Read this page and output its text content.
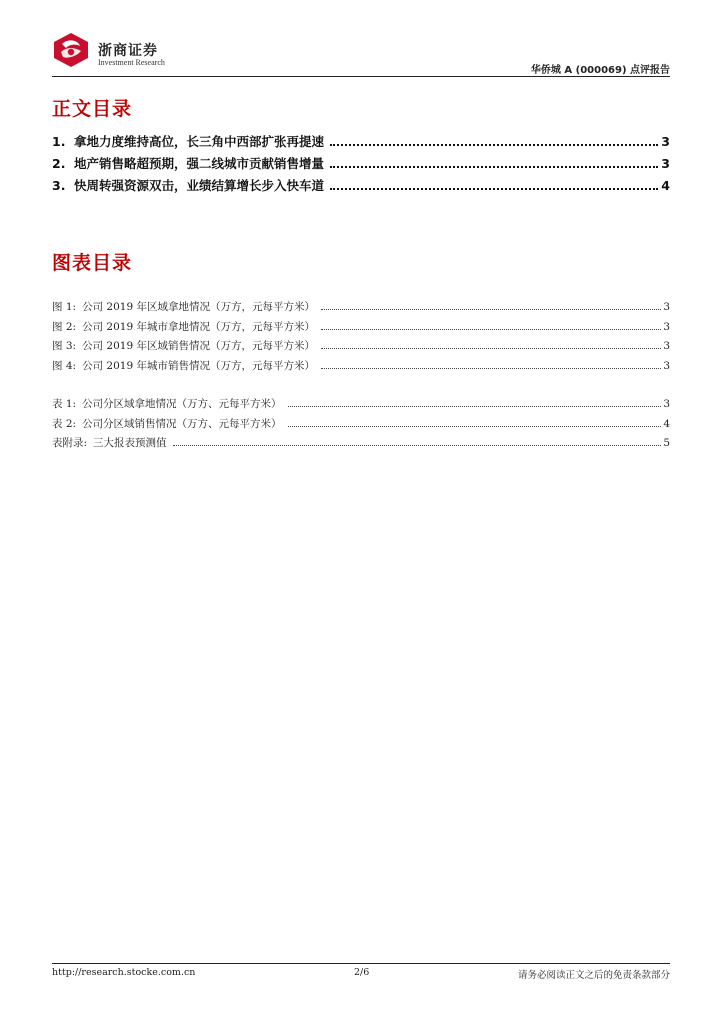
浙商证券
Investment Research
华侨城 A (000069) 点评报告
正文目录
1. 拿地力度维持高位，长三角中西部扩张再提速	3
2. 地产销售略超预期，强二线城市贡献销售增量	3
3. 快周转强资源双击，业绩结算增长步入快车道	4
图表目录
图 1: 公司 2019 年区域拿地情况（万方，元每平方米）	3
图 2: 公司 2019 年城市拿地情况（万方，元每平方米）	3
图 3: 公司 2019 年区域销售情况（万方，元每平方米）	3
图 4: 公司 2019 年城市销售情况（万方，元每平方米）	3
表 1: 公司分区域拿地情况（万方、元每平方米）	3
表 2: 公司分区域销售情况（万方、元每平方米）	4
表附录: 三大报表预测值	5
http://research.stocke.com.cn	2/6	请务必阅读正文之后的免责条款部分
